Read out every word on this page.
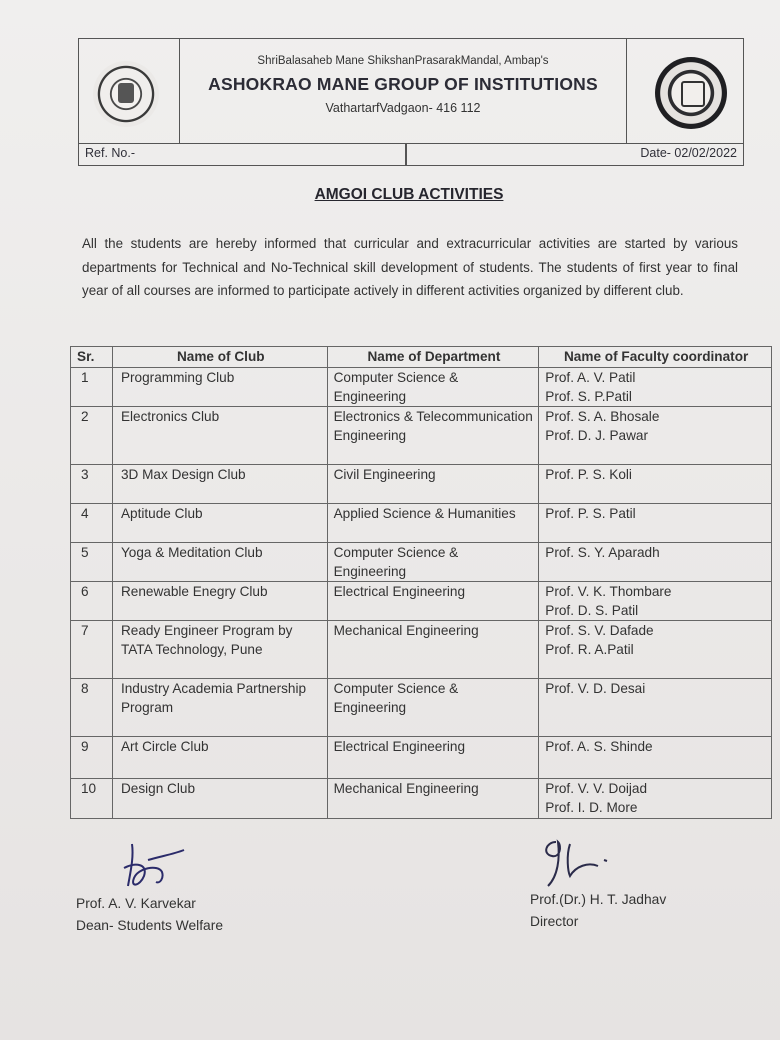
ShriBalasaheb Mane ShikshanPrasarakMandal, Ambap's
ASHOKRAO MANE GROUP OF INSTITUTIONS
VathartarfVadgaon- 416 112
Ref. No.-	Date- 02/02/2022
AMGOI CLUB ACTIVITIES
All the students are hereby informed that curricular and extracurricular activities are started by various departments for Technical and No-Technical skill development of students. The students of first year to final year of all courses are informed to participate actively in different activities organized by different club.
Sr.	Name of Club	Name of Department	Name of Faculty coordinator
1	Programming Club	Computer Science & Engineering	Prof. A. V. Patil
Prof. S. P.Patil

2	Electronics Club	Electronics & Telecommunication Engineering	Prof. S. A. Bhosale
Prof. D. J. Pawar

3	3D Max Design Club	Civil Engineering	Prof. P. S. Koli

4	Aptitude Club	Applied Science & Humanities	Prof. P. S. Patil

5	Yoga & Meditation Club	Computer Science & Engineering	Prof. S. Y. Aparadh

6	Renewable Enegry Club	Electrical Engineering	Prof. V. K. Thombare
Prof. D. S. Patil

7	Ready Engineer Program by TATA Technology, Pune	Mechanical Engineering	Prof. S. V. Dafade
Prof. R. A.Patil

8	Industry Academia Partnership Program	Computer Science & Engineering	Prof. V. D. Desai

9	Art Circle Club	Electrical Engineering	Prof. A. S. Shinde

10	Design Club	Mechanical Engineering	Prof. V. V. Doijad
Prof. I. D. More
Prof. A. V. Karvekar
Dean- Students Welfare
Prof.(Dr.) H. T. Jadhav
Director
